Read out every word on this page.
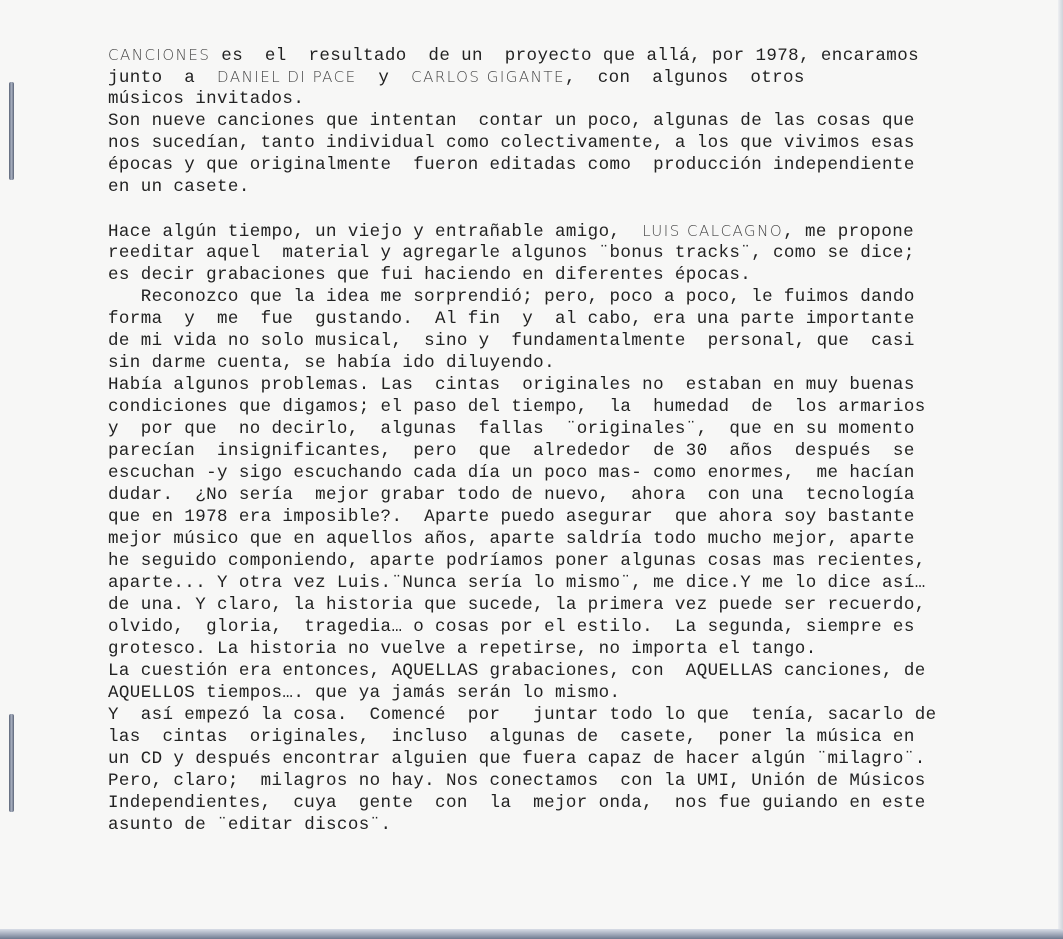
CANCIONES es  el  resultado  de un  proyecto que allá, por 1978, encaramos
junto  a  DANIEL DI PACE  y  CARLOS GIGANTE,  con  algunos  otros
músicos invitados.
Son nueve canciones que intentan  contar un poco, algunas de las cosas que
nos sucedían, tanto individual como colectivamente, a los que vivimos esas
épocas y que originalmente  fueron editadas como  producción independiente
en un casete.
Hace algún tiempo, un viejo y entrañable amigo,  LUIS CALCAGNO, me propone
reeditar aquel  material y agregarle algunos ¨bonus tracks¨, como se dice;
es decir grabaciones que fui haciendo en diferentes épocas.
Reconozco que la idea me sorprendió; pero, poco a poco, le fuimos dando
forma  y  me  fue  gustando.  Al fin  y  al cabo, era una parte importante
de mi vida no solo musical,  sino y  fundamentalmente  personal, que  casi
sin darme cuenta, se había ido diluyendo.
Había algunos problemas. Las  cintas  originales no  estaban en muy buenas
condiciones que digamos; el paso del tiempo,  la  humedad  de  los armarios
y  por que  no decirlo,  algunas  fallas  ¨originales¨,  que en su momento
parecían  insignificantes,  pero  que  alrededor  de 30  años  después  se
escuchan -y sigo escuchando cada día un poco mas- como enormes,  me hacían
dudar.  ¿No sería  mejor grabar todo de nuevo,  ahora  con una  tecnología
que en 1978 era imposible?.  Aparte puedo asegurar  que ahora soy bastante
mejor músico que en aquellos años, aparte saldría todo mucho mejor, aparte
he seguido componiendo, aparte podríamos poner algunas cosas mas recientes,
aparte... Y otra vez Luis.¨Nunca sería lo mismo¨, me dice.Y me lo dice así…
de una. Y claro, la historia que sucede, la primera vez puede ser recuerdo,
olvido,  gloria,  tragedia… o cosas por el estilo.  La segunda, siempre es
grotesco. La historia no vuelve a repetirse, no importa el tango.
La cuestión era entonces, AQUELLAS grabaciones, con  AQUELLAS canciones, de
AQUELLOS tiempos…. que ya jamás serán lo mismo.
Y  así empezó la cosa.  Comencé  por   juntar todo lo que  tenía, sacarlo de
las  cintas  originales,  incluso  algunas de  casete,  poner la música en
un CD y después encontrar alguien que fuera capaz de hacer algún ¨milagro¨.
Pero, claro;  milagros no hay. Nos conectamos  con la UMI, Unión de Músicos
Independientes,  cuya  gente  con  la  mejor onda,  nos fue guiando en este
asunto de ¨editar discos¨.
